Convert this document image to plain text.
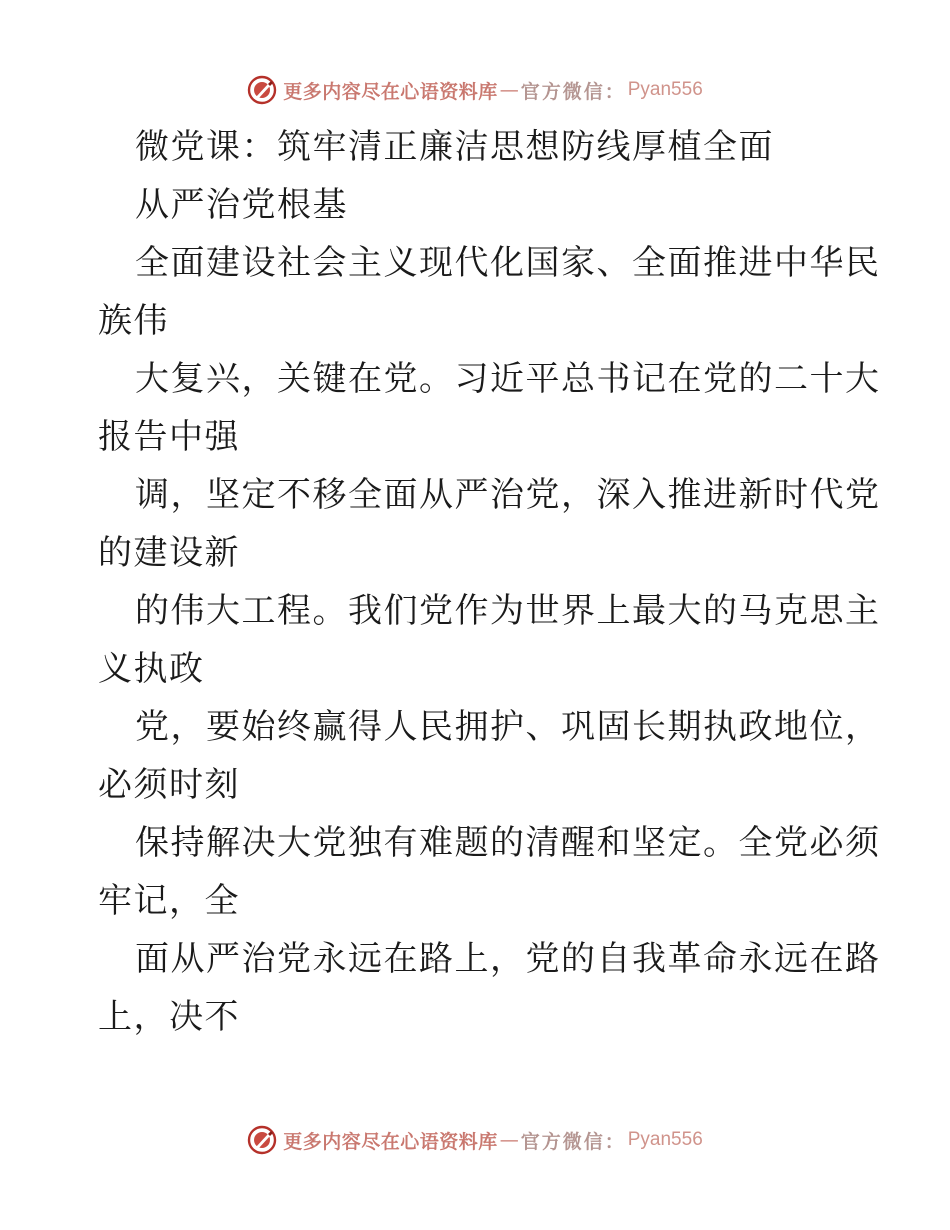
更多内容尽在心语资料库 — 官方微信： Pyan556
微党课：筑牢清正廉洁思想防线厚植全面
从严治党根基
全面建设社会主义现代化国家、全面推进中华民
族伟
大复兴，关键在党。习近平总书记在党的二十大
报告中强
调，坚定不移全面从严治党，深入推进新时代党
的建设新
的伟大工程。我们党作为世界上最大的马克思主
义执政
党，要始终赢得人民拥护、巩固长期执政地位，
必须时刻
保持解决大党独有难题的清醒和坚定。全党必须
牢记，全
面从严治党永远在路上，党的自我革命永远在路
上，决不
更多内容尽在心语资料库 — 官方微信： Pyan556
